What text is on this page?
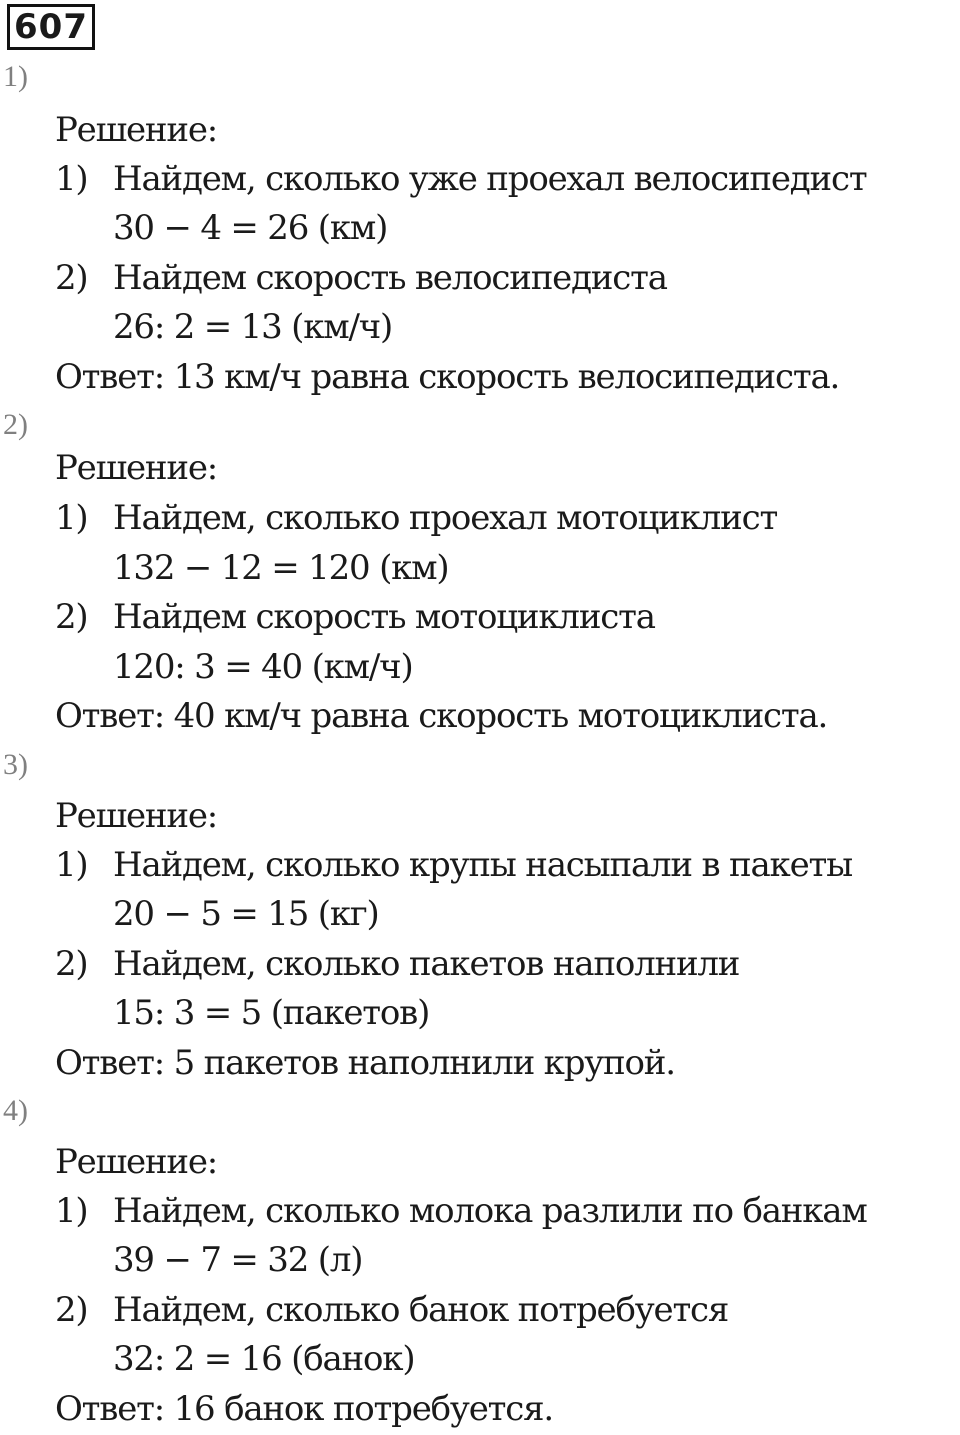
607
1)
Решение:
1) Найдем, сколько уже проехал велосипедист
30 − 4 = 26 (км)
2) Найдем скорость велосипедиста
26: 2 = 13 (км/ч)
Ответ: 13 км/ч равна скорость велосипедиста.
2)
Решение:
1) Найдем, сколько проехал мотоциклист
132 − 12 = 120 (км)
2) Найдем скорость мотоциклиста
120: 3 = 40 (км/ч)
Ответ: 40 км/ч равна скорость мотоциклиста.
3)
Решение:
1) Найдем, сколько крупы насыпали в пакеты
20 − 5 = 15 (кг)
2) Найдем, сколько пакетов наполнили
15: 3 = 5 (пакетов)
Ответ: 5 пакетов наполнили крупой.
4)
Решение:
1) Найдем, сколько молока разлили по банкам
39 − 7 = 32 (л)
2) Найдем, сколько банок потребуется
32: 2 = 16 (банок)
Ответ: 16 банок потребуется.
